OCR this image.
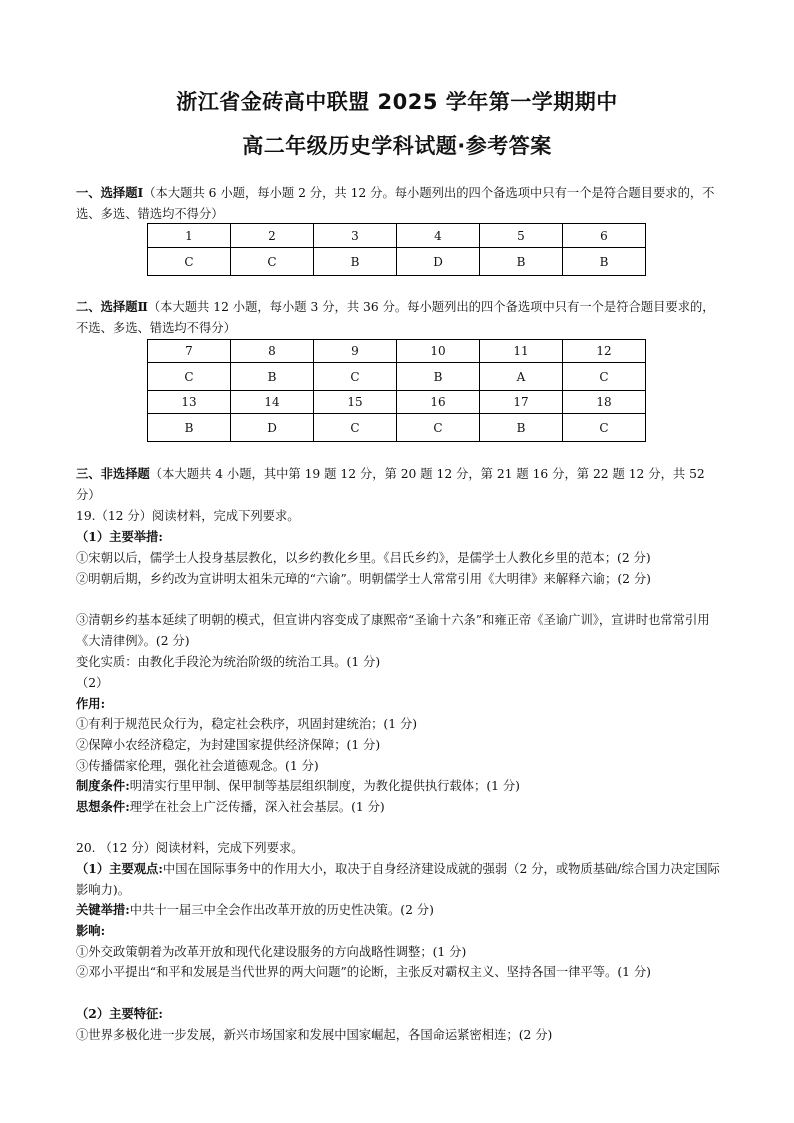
浙江省金砖高中联盟 2025 学年第一学期期中
高二年级历史学科试题·参考答案
一、选择题Ⅰ（本大题共 6 小题，每小题 2 分，共 12 分。每小题列出的四个备选项中只有一个是符合题目要求的，不选、多选、错选均不得分）
1	2	3	4	5	6
C	C	B	D	B	B
二、选择题Ⅱ（本大题共 12 小题，每小题 3 分，共 36 分。每小题列出的四个备选项中只有一个是符合题目要求的，不选、多选、错选均不得分）
7	8	9	10	11	12
C	B	C	B	A	C
13	14	15	16	17	18
B	D	C	C	B	C
三、非选择题（本大题共 4 小题，其中第 19 题 12 分，第 20 题 12 分，第 21 题 16 分，第 22 题 12 分，共 52 分）
19.（12 分）阅读材料，完成下列要求。
（1）主要举措:
①宋朝以后，儒学士人投身基层教化，以乡约教化乡里。《吕氏乡约》，是儒学士人教化乡里的范本；(2 分)
②明朝后期，乡约改为宣讲明太祖朱元璋的“六谕”。明朝儒学士人常常引用《大明律》来解释六谕；(2 分)
③清朝乡约基本延续了明朝的模式，但宣讲内容变成了康熙帝“圣谕十六条”和雍正帝《圣谕广训》，宣讲时也常常引用《大清律例》。(2 分)
变化实质：由教化手段沦为统治阶级的统治工具。(1 分)
（2）
作用:
①有利于规范民众行为，稳定社会秩序，巩固封建统治；(1 分)
②保障小农经济稳定，为封建国家提供经济保障；(1 分)
③传播儒家伦理，强化社会道德观念。(1 分)
制度条件:明清实行里甲制、保甲制等基层组织制度，为教化提供执行载体；(1 分)
思想条件:理学在社会上广泛传播，深入社会基层。(1 分)
20. （12 分）阅读材料，完成下列要求。
（1）主要观点:中国在国际事务中的作用大小，取决于自身经济建设成就的强弱（2 分，或物质基础/综合国力决定国际影响力)。
关键举措:中共十一届三中全会作出改革开放的历史性决策。(2 分)
影响:
①外交政策朝着为改革开放和现代化建设服务的方向战略性调整；(1 分)
②邓小平提出“和平和发展是当代世界的两大问题”的论断，主张反对霸权主义、坚持各国一律平等。(1 分)
（2）主要特征:
①世界多极化进一步发展，新兴市场国家和发展中国家崛起，各国命运紧密相连；(2 分)
